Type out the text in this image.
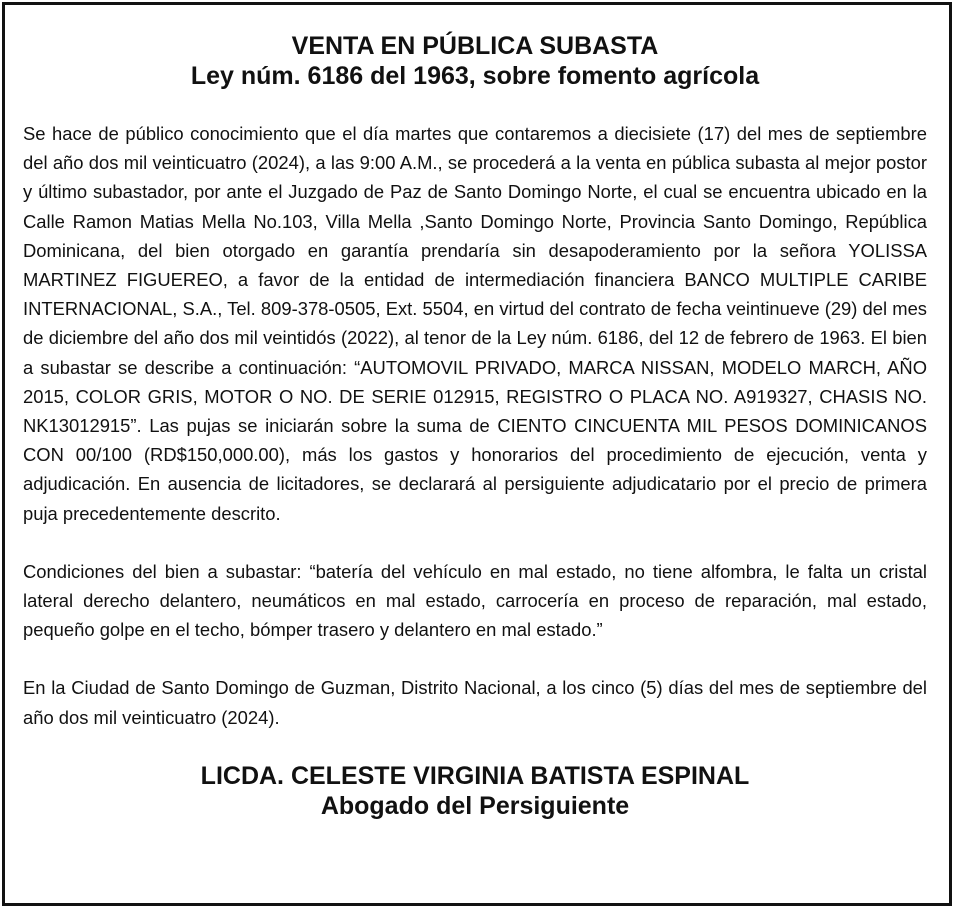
VENTA EN PÚBLICA SUBASTA
Ley núm. 6186 del 1963, sobre fomento agrícola

Se hace de público conocimiento que el día martes que contaremos a diecisiete (17) del mes de septiembre del año dos mil veinticuatro (2024), a las 9:00 A.M., se procederá a la venta en pública subasta al mejor postor y último subastador, por ante el Juzgado de Paz de Santo Domingo Norte, el cual se encuentra ubicado en la Calle Ramon Matias Mella No.103, Villa Mella ,Santo Domingo Norte, Provincia Santo Domingo, República Dominicana, del bien otorgado en garantía prendaría sin desapoderamiento por la señora YOLISSA MARTINEZ FIGUEREO, a favor de la entidad de intermediación financiera BANCO MULTIPLE CARIBE INTERNACIONAL, S.A., Tel. 809-378-0505, Ext. 5504, en virtud del contrato de fecha veintinueve (29) del mes de diciembre del año dos mil veintidós (2022), al tenor de la Ley núm. 6186, del 12 de febrero de 1963. El bien a subastar se describe a continuación: “AUTOMOVIL PRIVADO, MARCA NISSAN, MODELO MARCH, AÑO 2015, COLOR GRIS, MOTOR O NO. DE SERIE 012915, REGISTRO O PLACA NO. A919327, CHASIS NO. NK13012915”. Las pujas se iniciarán sobre la suma de CIENTO CINCUENTA MIL PESOS DOMINICANOS CON 00/100 (RD$150,000.00), más los gastos y honorarios del procedimiento de ejecución, venta y adjudicación. En ausencia de licitadores, se declarará al persiguiente adjudicatario por el precio de primera puja precedentemente descrito.

Condiciones del bien a subastar: “batería del vehículo en mal estado, no tiene alfombra, le falta un cristal lateral derecho delantero, neumáticos en mal estado, carrocería en proceso de reparación, mal estado, pequeño golpe en el techo, bómper trasero y delantero en mal estado.”

En la Ciudad de Santo Domingo de Guzman, Distrito Nacional, a los cinco (5) días del mes de septiembre del año dos mil veinticuatro (2024).

LICDA. CELESTE VIRGINIA BATISTA ESPINAL
Abogado del Persiguiente
